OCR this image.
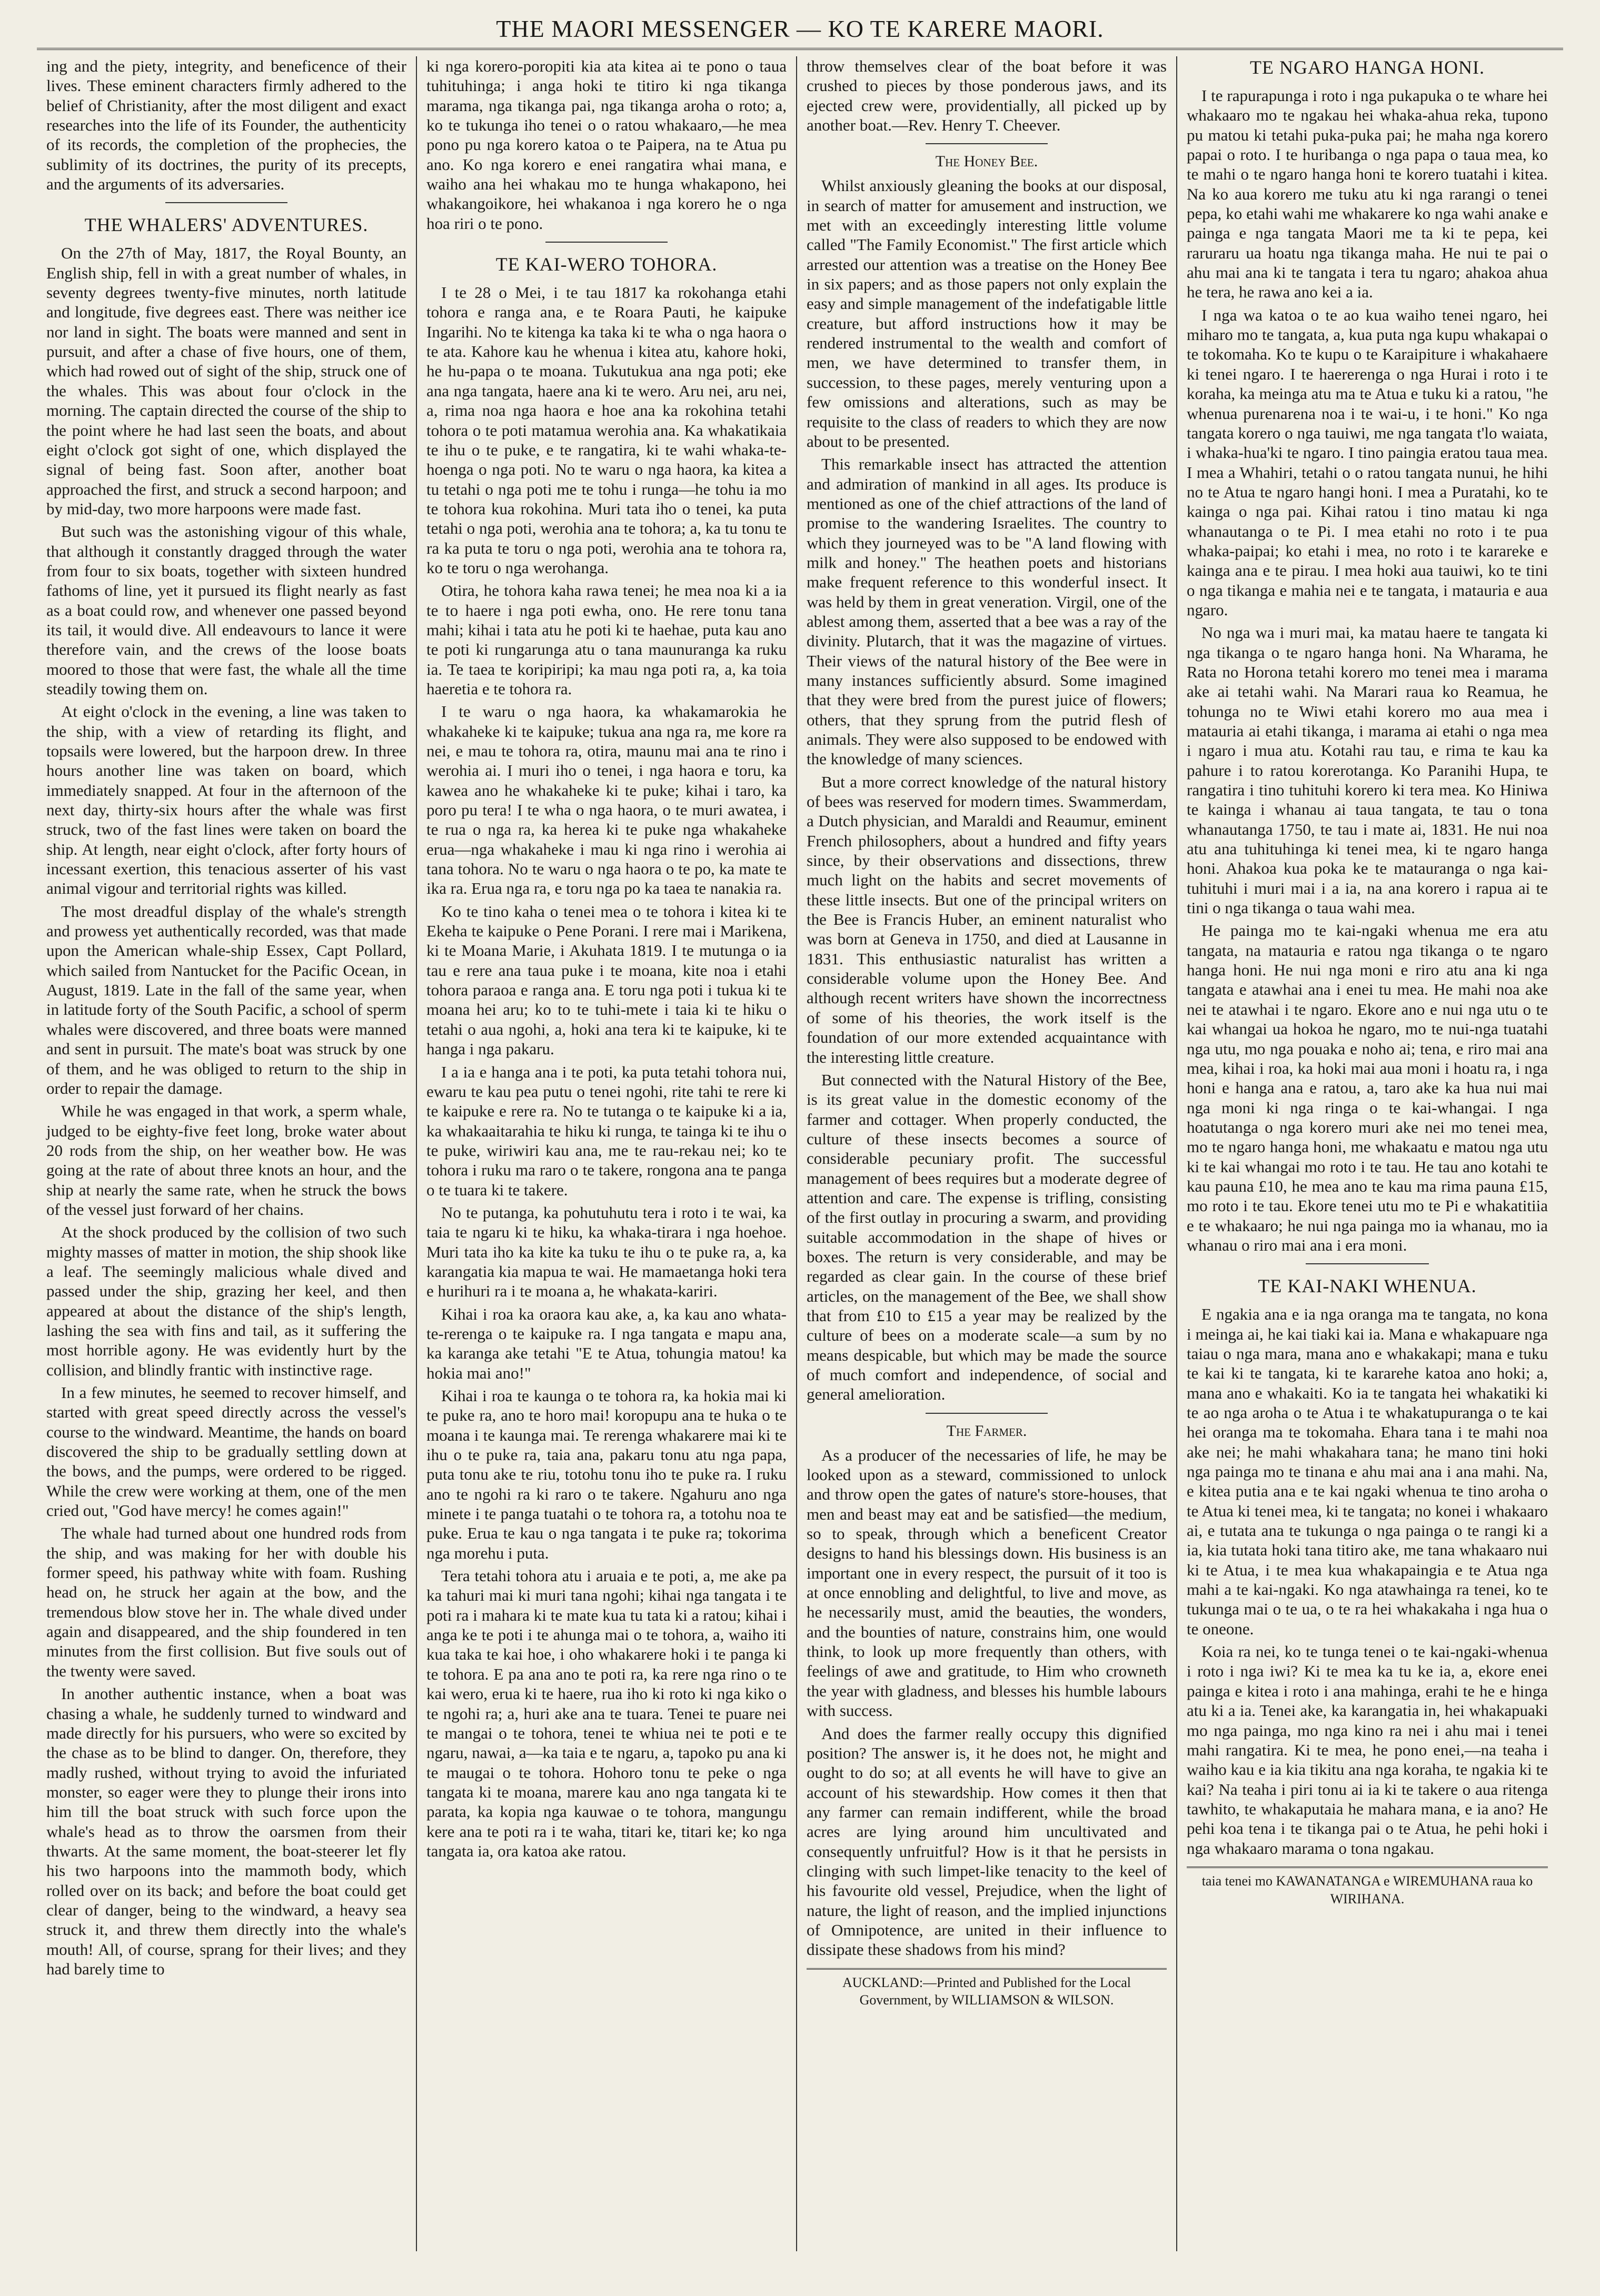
THE MAORI MESSENGER — KO TE KARERE MAORI.

ing and the piety, integrity, and beneficence of their lives. These eminent characters firmly adhered to the belief of Christianity, after the most diligent and exact researches into the life of its Founder, the authenticity of its records, the completion of the prophecies, the sublimity of its doctrines, the purity of its precepts, and the arguments of its adversaries.

THE WHALERS' ADVENTURES.

On the 27th of May, 1817, the Royal Bounty, an English ship, fell in with a great number of whales, in seventy degrees twenty-five minutes, north latitude and longitude, five degrees east. There was neither ice nor land in sight. The boats were manned and sent in pursuit, and after a chase of five hours, one of them, which had rowed out of sight of the ship, struck one of the whales. This was about four o'clock in the morning. The captain directed the course of the ship to the point where he had last seen the boats, and about eight o'clock got sight of one, which displayed the signal of being fast. Soon after, another boat approached the first, and struck a second harpoon; and by mid-day, two more harpoons were made fast.

But such was the astonishing vigour of this whale, that although it constantly dragged through the water from four to six boats, together with sixteen hundred fathoms of line, yet it pursued its flight nearly as fast as a boat could row, and whenever one passed beyond its tail, it would dive. All endeavours to lance it were therefore vain, and the crews of the loose boats moored to those that were fast, the whale all the time steadily towing them on.

At eight o'clock in the evening, a line was taken to the ship, with a view of retarding its flight, and topsails were lowered, but the harpoon drew. In three hours another line was taken on board, which immediately snapped. At four in the afternoon of the next day, thirty-six hours after the whale was first struck, two of the fast lines were taken on board the ship. At length, near eight o'clock, after forty hours of incessant exertion, this tenacious asserter of his vast animal vigour and territorial rights was killed.

The most dreadful display of the whale's strength and prowess yet authentically recorded, was that made upon the American whale-ship Essex, Capt Pollard, which sailed from Nantucket for the Pacific Ocean, in August, 1819. Late in the fall of the same year, when in latitude forty of the South Pacific, a school of sperm whales were discovered, and three boats were manned and sent in pursuit. The mate's boat was struck by one of them, and he was obliged to return to the ship in order to repair the damage.

While he was engaged in that work, a sperm whale, judged to be eighty-five feet long, broke water about 20 rods from the ship, on her weather bow. He was going at the rate of about three knots an hour, and the ship at nearly the same rate, when he struck the bows of the vessel just forward of her chains.

At the shock produced by the collision of two such mighty masses of matter in motion, the ship shook like a leaf. The seemingly malicious whale dived and passed under the ship, grazing her keel, and then appeared at about the distance of the ship's length, lashing the sea with fins and tail, as it suffering the most horrible agony. He was evidently hurt by the collision, and blindly frantic with instinctive rage.

In a few minutes, he seemed to recover himself, and started with great speed directly across the vessel's course to the windward. Meantime, the hands on board discovered the ship to be gradually settling down at the bows, and the pumps, were ordered to be rigged. While the crew were working at them, one of the men cried out, "God have mercy! he comes again!"

The whale had turned about one hundred rods from the ship, and was making for her with double his former speed, his pathway white with foam. Rushing head on, he struck her again at the bow, and the tremendous blow stove her in. The whale dived under again and disappeared, and the ship foundered in ten minutes from the first collision. But five souls out of the twenty were saved.

In another authentic instance, when a boat was chasing a whale, he suddenly turned to windward and made directly for his pursuers, who were so excited by the chase as to be blind to danger. On, therefore, they madly rushed, without trying to avoid the infuriated monster, so eager were they to plunge their irons into him till the boat struck with such force upon the whale's head as to throw the oarsmen from their thwarts. At the same moment, the boat-steerer let fly his two harpoons into the mammoth body, which rolled over on its back; and before the boat could get clear of danger, being to the windward, a heavy sea struck it, and threw them directly into the whale's mouth! All, of course, sprang for their lives; and they had barely time to

ki nga korero-poropiti kia ata kitea ai te pono o taua tuhituhinga; i anga hoki te titiro ki nga tikanga marama, nga tikanga pai, nga tikanga aroha o roto; a, ko te tukunga iho tenei o o ratou whakaaro,—he mea pono pu nga korero katoa o te Paipera, na te Atua pu ano. Ko nga korero e enei rangatira whai mana, e waiho ana hei whakau mo te hunga whakapono, hei whakangoikore, hei whakanoa i nga korero he o nga hoa riri o te pono.

TE KAI-WERO TOHORA.

I te 28 o Mei, i te tau 1817 ka rokohanga etahi tohora e ranga ana, e te Roara Pauti, he kaipuke Ingarihi. No te kitenga ka taka ki te wha o nga haora o te ata. Kahore kau he whenua i kitea atu, kahore hoki, he hu-papa o te moana. Tukutukua ana nga poti; eke ana nga tangata, haere ana ki te wero. Aru nei, aru nei, a, rima noa nga haora e hoe ana ka rokohina tetahi tohora o te poti matamua werohia ana. Ka whakatikaia te ihu o te puke, e te rangatira, ki te wahi whaka-te-hoenga o nga poti. No te waru o nga haora, ka kitea a tu tetahi o nga poti me te tohu i runga—he tohu ia mo te tohora kua rokohina. Muri tata iho o tenei, ka puta tetahi o nga poti, werohia ana te tohora; a, ka tu tonu te ra ka puta te toru o nga poti, werohia ana te tohora ra, ko te toru o nga werohanga.

Otira, he tohora kaha rawa tenei; he mea noa ki a ia te to haere i nga poti ewha, ono. He rere tonu tana mahi; kihai i tata atu he poti ki te haehae, puta kau ano te poti ki rungarunga atu o tana maunuranga ka ruku ia. Te taea te koripiripi; ka mau nga poti ra, a, ka toia haeretia e te tohora ra.

I te waru o nga haora, ka whakamarokia he whakaheke ki te kaipuke; tukua ana nga ra, me kore ra nei, e mau te tohora ra, otira, maunu mai ana te rino i werohia ai. I muri iho o tenei, i nga haora e toru, ka kawea ano he whakaheke ki te puke; kihai i taro, ka poro pu tera! I te wha o nga haora, o te muri awatea, i te rua o nga ra, ka herea ki te puke nga whakaheke erua—nga whakaheke i mau ki nga rino i werohia ai tana tohora. No te waru o nga haora o te po, ka mate te ika ra. Erua nga ra, e toru nga po ka taea te nanakia ra.

Ko te tino kaha o tenei mea o te tohora i kitea ki te Ekeha te kaipuke o Pene Porani. I rere mai i Marikena, ki te Moana Marie, i Akuhata 1819. I te mutunga o ia tau e rere ana taua puke i te moana, kite noa i etahi tohora paraoa e ranga ana. E toru nga poti i tukua ki te moana hei aru; ko to te tuhi-mete i taia ki te hiku o tetahi o aua ngohi, a, hoki ana tera ki te kaipuke, ki te hanga i nga pakaru.

I a ia e hanga ana i te poti, ka puta tetahi tohora nui, ewaru te kau pea putu o tenei ngohi, rite tahi te rere ki te kaipuke e rere ra. No te tutanga o te kaipuke ki a ia, ka whakaaitarahia te hiku ki runga, te tainga ki te ihu o te puke, wiriwiri kau ana, me te rau-rekau nei; ko te tohora i ruku ma raro o te takere, rongona ana te panga o te tuara ki te takere.

No te putanga, ka pohutuhutu tera i roto i te wai, ka taia te ngaru ki te hiku, ka whaka-tirara i nga hoehoe. Muri tata iho ka kite ka tuku te ihu o te puke ra, a, ka karangatia kia mapua te wai. He mamaetanga hoki tera e hurihuri ra i te moana a, he whakata-kariri.

Kihai i roa ka oraora kau ake, a, ka kau ano whata-te-rerenga o te kaipuke ra. I nga tangata e mapu ana, ka karanga ake tetahi "E te Atua, tohungia matou! ka hokia mai ano!"

Kihai i roa te kaunga o te tohora ra, ka hokia mai ki te puke ra, ano te horo mai! koropupu ana te huka o te moana i te kaunga mai. Te rerenga whakarere mai ki te ihu o te puke ra, taia ana, pakaru tonu atu nga papa, puta tonu ake te riu, totohu tonu iho te puke ra. I ruku ano te ngohi ra ki raro o te takere. Ngahuru ano nga minete i te panga tuatahi o te tohora ra, a totohu noa te puke. Erua te kau o nga tangata i te puke ra; tokorima nga morehu i puta.

Tera tetahi tohora atu i aruaia e te poti, a, me ake pa ka tahuri mai ki muri tana ngohi; kihai nga tangata i te poti ra i mahara ki te mate kua tu tata ki a ratou; kihai i anga ke te poti i te ahunga mai o te tohora, a, waiho iti kua taka te kai hoe, i oho whakarere hoki i te panga ki te tohora. E pa ana ano te poti ra, ka rere nga rino o te kai wero, erua ki te haere, rua iho ki roto ki nga kiko o te ngohi ra; a, huri ake ana te tuara. Tenei te puare nei te mangai o te tohora, tenei te whiua nei te poti e te ngaru, nawai, a—ka taia e te ngaru, a, tapoko pu ana ki te maugai o te tohora. Hohoro tonu te peke o nga tangata ki te moana, marere kau ano nga tangata ki te parata, ka kopia nga kauwae o te tohora, mangungu kere ana te poti ra i te waha, titari ke, titari ke; ko nga tangata ia, ora katoa ake ratou.

throw themselves clear of the boat before it was crushed to pieces by those ponderous jaws, and its ejected crew were, providentially, all picked up by another boat.—Rev. Henry T. Cheever.

The Honey Bee.

Whilst anxiously gleaning the books at our disposal, in search of matter for amusement and instruction, we met with an exceedingly interesting little volume called "The Family Economist." The first article which arrested our attention was a treatise on the Honey Bee in six papers; and as those papers not only explain the easy and simple management of the indefatigable little creature, but afford instructions how it may be rendered instrumental to the wealth and comfort of men, we have determined to transfer them, in succession, to these pages, merely venturing upon a few omissions and alterations, such as may be requisite to the class of readers to which they are now about to be presented.

This remarkable insect has attracted the attention and admiration of mankind in all ages. Its produce is mentioned as one of the chief attractions of the land of promise to the wandering Israelites. The country to which they journeyed was to be "A land flowing with milk and honey." The heathen poets and historians make frequent reference to this wonderful insect. It was held by them in great veneration. Virgil, one of the ablest among them, asserted that a bee was a ray of the divinity. Plutarch, that it was the magazine of virtues. Their views of the natural history of the Bee were in many instances sufficiently absurd. Some imagined that they were bred from the purest juice of flowers; others, that they sprung from the putrid flesh of animals. They were also supposed to be endowed with the knowledge of many sciences.

But a more correct knowledge of the natural history of bees was reserved for modern times. Swammerdam, a Dutch physician, and Maraldi and Reaumur, eminent French philosophers, about a hundred and fifty years since, by their observations and dissections, threw much light on the habits and secret movements of these little insects. But one of the principal writers on the Bee is Francis Huber, an eminent naturalist who was born at Geneva in 1750, and died at Lausanne in 1831. This enthusiastic naturalist has written a considerable volume upon the Honey Bee. And although recent writers have shown the incorrectness of some of his theories, the work itself is the foundation of our more extended acquaintance with the interesting little creature.

But connected with the Natural History of the Bee, is its great value in the domestic economy of the farmer and cottager. When properly conducted, the culture of these insects becomes a source of considerable pecuniary profit. The successful management of bees requires but a moderate degree of attention and care. The expense is trifling, consisting of the first outlay in procuring a swarm, and providing suitable accommodation in the shape of hives or boxes. The return is very considerable, and may be regarded as clear gain. In the course of these brief articles, on the management of the Bee, we shall show that from £10 to £15 a year may be realized by the culture of bees on a moderate scale—a sum by no means despicable, but which may be made the source of much comfort and independence, of social and general amelioration.

The Farmer.

As a producer of the necessaries of life, he may be looked upon as a steward, commissioned to unlock and throw open the gates of nature's store-houses, that men and beast may eat and be satisfied—the medium, so to speak, through which a beneficent Creator designs to hand his blessings down. His business is an important one in every respect, the pursuit of it too is at once ennobling and delightful, to live and move, as he necessarily must, amid the beauties, the wonders, and the bounties of nature, constrains him, one would think, to look up more frequently than others, with feelings of awe and gratitude, to Him who crowneth the year with gladness, and blesses his humble labours with success.

And does the farmer really occupy this dignified position? The answer is, it he does not, he might and ought to do so; at all events he will have to give an account of his stewardship. How comes it then that any farmer can remain indifferent, while the broad acres are lying around him uncultivated and consequently unfruitful? How is it that he persists in clinging with such limpet-like tenacity to the keel of his favourite old vessel, Prejudice, when the light of nature, the light of reason, and the implied injunctions of Omnipotence, are united in their influence to dissipate these shadows from his mind?

AUCKLAND:—Printed and Published for the Local Government, by WILLIAMSON & WILSON.
TE NGARO HANGA HONI.

I te rapurapunga i roto i nga pukapuka o te whare hei whakaaro mo te ngakau hei whaka-ahua reka, tupono pu matou ki tetahi puka-puka pai; he maha nga korero papai o roto. I te huribanga o nga papa o taua mea, ko te mahi o te ngaro hanga honi te korero tuatahi i kitea. Na ko aua korero me tuku atu ki nga rarangi o tenei pepa, ko etahi wahi me whakarere ko nga wahi anake e painga e nga tangata Maori me ta ki te pepa, kei raruraru ua hoatu nga tikanga maha. He nui te pai o ahu mai ana ki te tangata i tera tu ngaro; ahakoa ahua he tera, he rawa ano kei a ia.

I nga wa katoa o te ao kua waiho tenei ngaro, hei miharo mo te tangata, a, kua puta nga kupu whakapai o te tokomaha. Ko te kupu o te Karaipiture i whakahaere ki tenei ngaro. I te haererenga o nga Hurai i roto i te koraha, ka meinga atu ma te Atua e tuku ki a ratou, "he whenua purenarena noa i te wai-u, i te honi." Ko nga tangata korero o nga tauiwi, me nga tangata t'lo waiata, i whaka-hua'ki te ngaro. I tino paingia eratou taua mea. I mea a Whahiri, tetahi o o ratou tangata nunui, he hihi no te Atua te ngaro hangi honi. I mea a Puratahi, ko te kainga o nga pai. Kihai ratou i tino matau ki nga whanautanga o te Pi. I mea etahi no roto i te pua whaka-paipai; ko etahi i mea, no roto i te karareke e kainga ana e te pirau. I mea hoki aua tauiwi, ko te tini o nga tikanga e mahia nei e te tangata, i matauria e aua ngaro.

No nga wa i muri mai, ka matau haere te tangata ki nga tikanga o te ngaro hanga honi. Na Wharama, he Rata no Horona tetahi korero mo tenei mea i marama ake ai tetahi wahi. Na Marari raua ko Reamua, he tohunga no te Wiwi etahi korero mo aua mea i matauria ai etahi tikanga, i marama ai etahi o nga mea i ngaro i mua atu. Kotahi rau tau, e rima te kau ka pahure i to ratou korerotanga. Ko Paranihi Hupa, te rangatira i tino tuhituhi korero ki tera mea. Ko Hiniwa te kainga i whanau ai taua tangata, te tau o tona whanautanga 1750, te tau i mate ai, 1831. He nui noa atu ana tuhituhinga ki tenei mea, ki te ngaro hanga honi. Ahakoa kua poka ke te matauranga o nga kai-tuhituhi i muri mai i a ia, na ana korero i rapua ai te tini o nga tikanga o taua wahi mea.

He painga mo te kai-ngaki whenua me era atu tangata, na matauria e ratou nga tikanga o te ngaro hanga honi. He nui nga moni e riro atu ana ki nga tangata e atawhai ana i enei tu mea. He mahi noa ake nei te atawhai i te ngaro. Ekore ano e nui nga utu o te kai whangai ua hokoa he ngaro, mo te nui-nga tuatahi nga utu, mo nga pouaka e noho ai; tena, e riro mai ana mea, kihai i roa, ka hoki mai aua moni i hoatu ra, i nga honi e hanga ana e ratou, a, taro ake ka hua nui mai nga moni ki nga ringa o te kai-whangai. I nga hoatutanga o nga korero muri ake nei mo tenei mea, mo te ngaro hanga honi, me whakaatu e matou nga utu ki te kai whangai mo roto i te tau. He tau ano kotahi te kau pauna £10, he mea ano te kau ma rima pauna £15, mo roto i te tau. Ekore tenei utu mo te Pi e whakatitiia e te whakaaro; he nui nga painga mo ia whanau, mo ia whanau o riro mai ana i era moni.

TE KAI-NAKI WHENUA.

E ngakia ana e ia nga oranga ma te tangata, no kona i meinga ai, he kai tiaki kai ia. Mana e whakapuare nga taiau o nga mara, mana ano e whakakapi; mana e tuku te kai ki te tangata, ki te kararehe katoa ano hoki; a, mana ano e whakaiti. Ko ia te tangata hei whakatiki ki te ao nga aroha o te Atua i te whakatupuranga o te kai hei oranga ma te tokomaha. Ehara tana i te mahi noa ake nei; he mahi whakahara tana; he mano tini hoki nga painga mo te tinana e ahu mai ana i ana mahi. Na, e kitea putia ana e te kai ngaki whenua te tino aroha o te Atua ki tenei mea, ki te tangata; no konei i whakaaro ai, e tutata ana te tukunga o nga painga o te rangi ki a ia, kia tutata hoki tana titiro ake, me tana whakaaro nui ki te Atua, i te mea kua whakapaingia e te Atua nga mahi a te kai-ngaki. Ko nga atawhainga ra tenei, ko te tukunga mai o te ua, o te ra hei whakakaha i nga hua o te oneone.

Koia ra nei, ko te tunga tenei o te kai-ngaki-whenua i roto i nga iwi? Ki te mea ka tu ke ia, a, ekore enei painga e kitea i roto i ana mahinga, erahi te he e hinga atu ki a ia. Tenei ake, ka karangatia in, hei whakapuaki mo nga painga, mo nga kino ra nei i ahu mai i tenei mahi rangatira. Ki te mea, he pono enei,—na teaha i waiho kau e ia kia tikitu ana nga koraha, te ngakia ki te kai? Na teaha i piri tonu ai ia ki te takere o aua ritenga tawhito, te whakaputaia he mahara mana, e ia ano? He pehi koa tena i te tikanga pai o te Atua, he pehi hoki i nga whakaaro marama o tona ngakau.

taia tenei mo KAWANATANGA e WIREMUHANA raua ko WIRIHANA.
